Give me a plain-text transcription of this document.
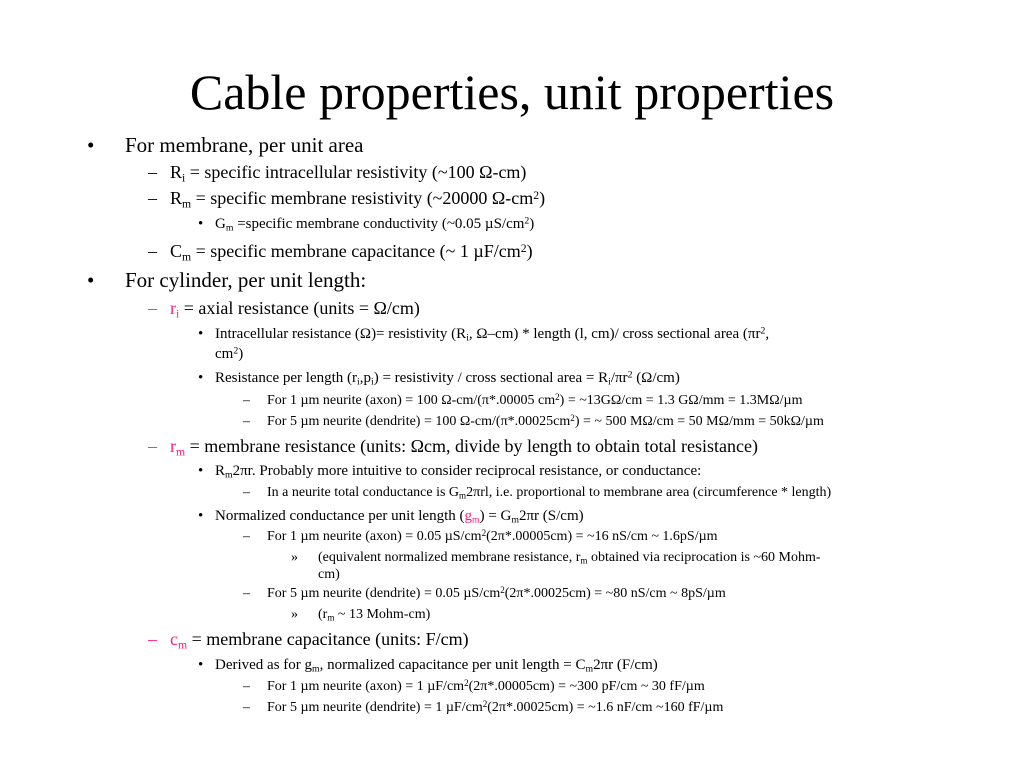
Cable properties, unit properties
• For membrane, per unit area
– $R_i$ = specific intracellular resistivity (~100 Ω-cm)
– $R_m$ = specific membrane resistivity (~20000 $\Omega-cm^2$)
• $G_m$ =specific membrane conductivity (~0.05 $\mu S/cm^2$)
– $C_m$ = specific membrane capacitance (~ 1 $\mu F/cm^2$)
• For cylinder, per unit length:
– $r_i$ = axial resistance (units = Ω/cm)
• Intracellular resistance (Ω)= resistivity ($R_i$, Ω–cm) * length (l, cm)/ cross sectional area ($\pi r^2$,
$cm^2$)
• Resistance per length $(r_i,p_i)$ = resistivity / cross sectional area = $R_i/\pi r^2$ (Ω/cm)
– For 1 µm neurite (axon) = 100 Ω-cm/(π*.00005 $cm^2$) = ~13GΩ/cm = 1.3 GΩ/mm = 1.3MΩ/µm
– For 5 µm neurite (dendrite) = 100 $\Omega-cm/(\pi*.00025cm^2)$ = ~ 500 MΩ/cm = 50 MΩ/mm = 50kΩ/µm
– $r_m$ = membrane resistance (units: Ωcm, divide by length to obtain total resistance)
• $R_m2\pi r$. Probably more intuitive to consider reciprocal resistance, or conductance:
– In a neurite total conductance is $G_m2\pi rl$, i.e. proportional to membrane area (circumference * length)
• Normalized conductance per unit length $(g_m) = G_m2\pi r$ (S/cm)
– For 1 µm neurite (axon) = 0.05 $\mu S/cm^2(2\pi*.00005cm)$ = ~16 nS/cm ~ 1.6pS/µm
» (equivalent normalized membrane resistance, $r_m$ obtained via reciprocation is ~60 Mohm-
cm)
– For 5 µm neurite (dendrite) = 0.05 $\mu S/cm^2(2\pi*.00025cm)$ = ~80 nS/cm ~ 8pS/µm
» ($r_m$ ~ 13 Mohm-cm)
– $c_m$ = membrane capacitance (units: F/cm)
• Derived as for $g_m$, normalized capacitance per unit length = $C_m2\pi r$ (F/cm)
– For 1 µm neurite (axon) = 1 $\mu F/cm^2(2\pi*.00005cm)$ = ~300 pF/cm ~ 30 fF/µm
– For 5 µm neurite (dendrite) = 1 $\mu F/cm^2(2\pi*.00025cm)$ = ~1.6 nF/cm ~160 fF/µm
